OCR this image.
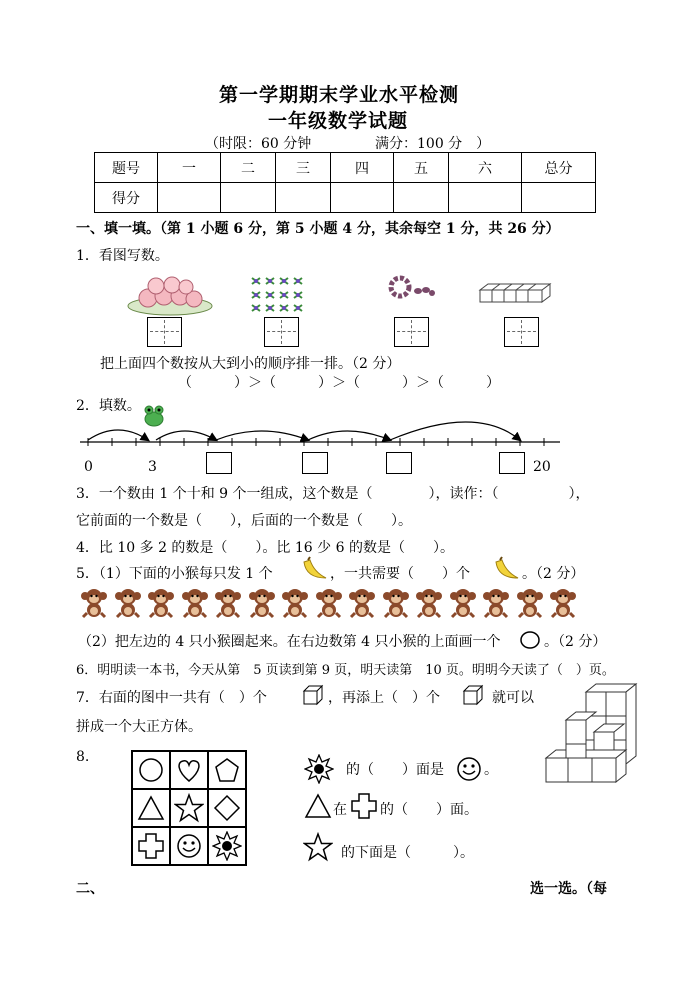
第一学期期末学业水平检测
一年级数学试题
（时限：60 分钟	满分：100 分　）
题号	一	二	三	四	五	六	总分
得分							
一、填一填。（第 1 小题 6 分，第 5 小题 4 分，其余每空 1 分，共 26 分）
1．看图写数。
把上面四个数按从大到小的顺序排一排。（2 分）
（　　　）＞（　　　）＞（　　　）＞（　　　）
2．填数。
0	3	20
3．一个数由 1 个十和 9 个一组成，这个数是（　　　　），读作：（　　　　　），
它前面的一个数是（　　），后面的一个数是（　　）。
4．比 10 多 2 的数是（　　）。比 16 少 6 的数是（　　）。
5．（1）下面的小猴每只发 1 个	，一共需要（　　）个	。（2 分）
（2）把左边的 4 只小猴圈起来。在右边数第 4 只小猴的上面画一个	。（2 分）
6．明明读一本书，今天从第　5 页读到第 9 页，明天读第　10 页。明明今天读了（　）页。
7．右面的图中一共有（　）个	，再添上（　）个	就可以
拼成一个大正方体。
8.
的（　　）面是	。
在 的（　　）面。
的下面是（　　　）。
二、	选一选。（每
